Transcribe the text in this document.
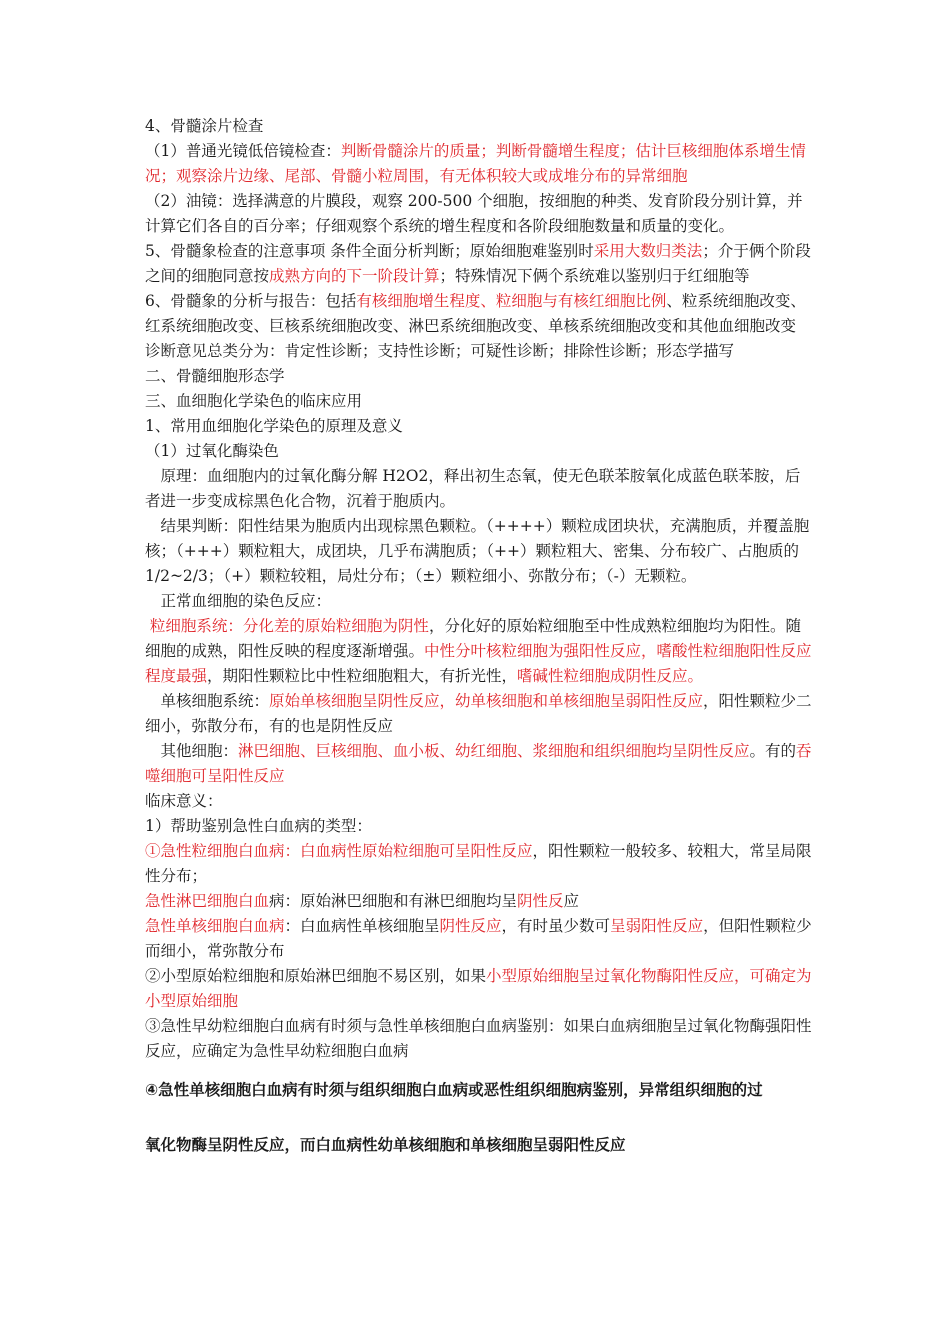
4、骨髓涂片检查

（1）普通光镜低倍镜检查：判断骨髓涂片的质量；判断骨髓增生程度；估计巨核细胞体系增生情况；观察涂片边缘、尾部、骨髓小粒周围，有无体积较大或成堆分布的异常细胞

（2）油镜：选择满意的片膜段，观察 200-500 个细胞，按细胞的种类、发育阶段分别计算，并计算它们各自的百分率；仔细观察个系统的增生程度和各阶段细胞数量和质量的变化。

5、骨髓象检查的注意事项 条件全面分析判断；原始细胞难鉴别时采用大数归类法；介于俩个阶段之间的细胞同意按成熟方向的下一阶段计算；特殊情况下俩个系统难以鉴别归于红细胞等

6、骨髓象的分析与报告：包括有核细胞增生程度、粒细胞与有核红细胞比例、粒系统细胞改变、红系统细胞改变、巨核系统细胞改变、淋巴系统细胞改变、单核系统细胞改变和其他血细胞改变

诊断意见总类分为：肯定性诊断；支持性诊断；可疑性诊断；排除性诊断；形态学描写

二、骨髓细胞形态学

三、血细胞化学染色的临床应用

1、常用血细胞化学染色的原理及意义

（1）过氧化酶染色

　原理：血细胞内的过氧化酶分解 H2O2，释出初生态氧，使无色联苯胺氧化成蓝色联苯胺，后者进一步变成棕黑色化合物，沉着于胞质内。

　结果判断：阳性结果为胞质内出现棕黑色颗粒。（++++）颗粒成团块状，充满胞质，并覆盖胞核；（+++）颗粒粗大，成团块，几乎布满胞质；（++）颗粒粗大、密集、分布较广、占胞质的 1/2~2/3；（+）颗粒较粗，局灶分布；（±）颗粒细小、弥散分布；（-）无颗粒。

　正常血细胞的染色反应：

粒细胞系统：分化差的原始粒细胞为阴性，分化好的原始粒细胞至中性成熟粒细胞均为阳性。随细胞的成熟，阳性反映的程度逐渐增强。中性分叶核粒细胞为强阳性反应，嗜酸性粒细胞阳性反应程度最强，期阳性颗粒比中性粒细胞粗大，有折光性，嗜碱性粒细胞成阴性反应。

　单核细胞系统：原始单核细胞呈阴性反应，幼单核细胞和单核细胞呈弱阳性反应，阳性颗粒少二细小，弥散分布，有的也是阴性反应

　其他细胞：淋巴细胞、巨核细胞、血小板、幼红细胞、浆细胞和组织细胞均呈阴性反应。有的吞噬细胞可呈阳性反应

临床意义：

1）帮助鉴别急性白血病的类型：

①急性粒细胞白血病：白血病性原始粒细胞可呈阳性反应，阳性颗粒一般较多、较粗大，常呈局限性分布；

急性淋巴细胞白血病：原始淋巴细胞和有淋巴细胞均呈阴性反应

急性单核细胞白血病：白血病性单核细胞呈阴性反应，有时虽少数可呈弱阳性反应，但阳性颗粒少而细小，常弥散分布

②小型原始粒细胞和原始淋巴细胞不易区别，如果小型原始细胞呈过氧化物酶阳性反应，可确定为小型原始细胞

③急性早幼粒细胞白血病有时须与急性单核细胞白血病鉴别：如果白血病细胞呈过氧化物酶强阳性反应，应确定为急性早幼粒细胞白血病

④急性单核细胞白血病有时须与组织细胞白血病或恶性组织细胞病鉴别，异常组织细胞的过

氧化物酶呈阴性反应，而白血病性幼单核细胞和单核细胞呈弱阳性反应
